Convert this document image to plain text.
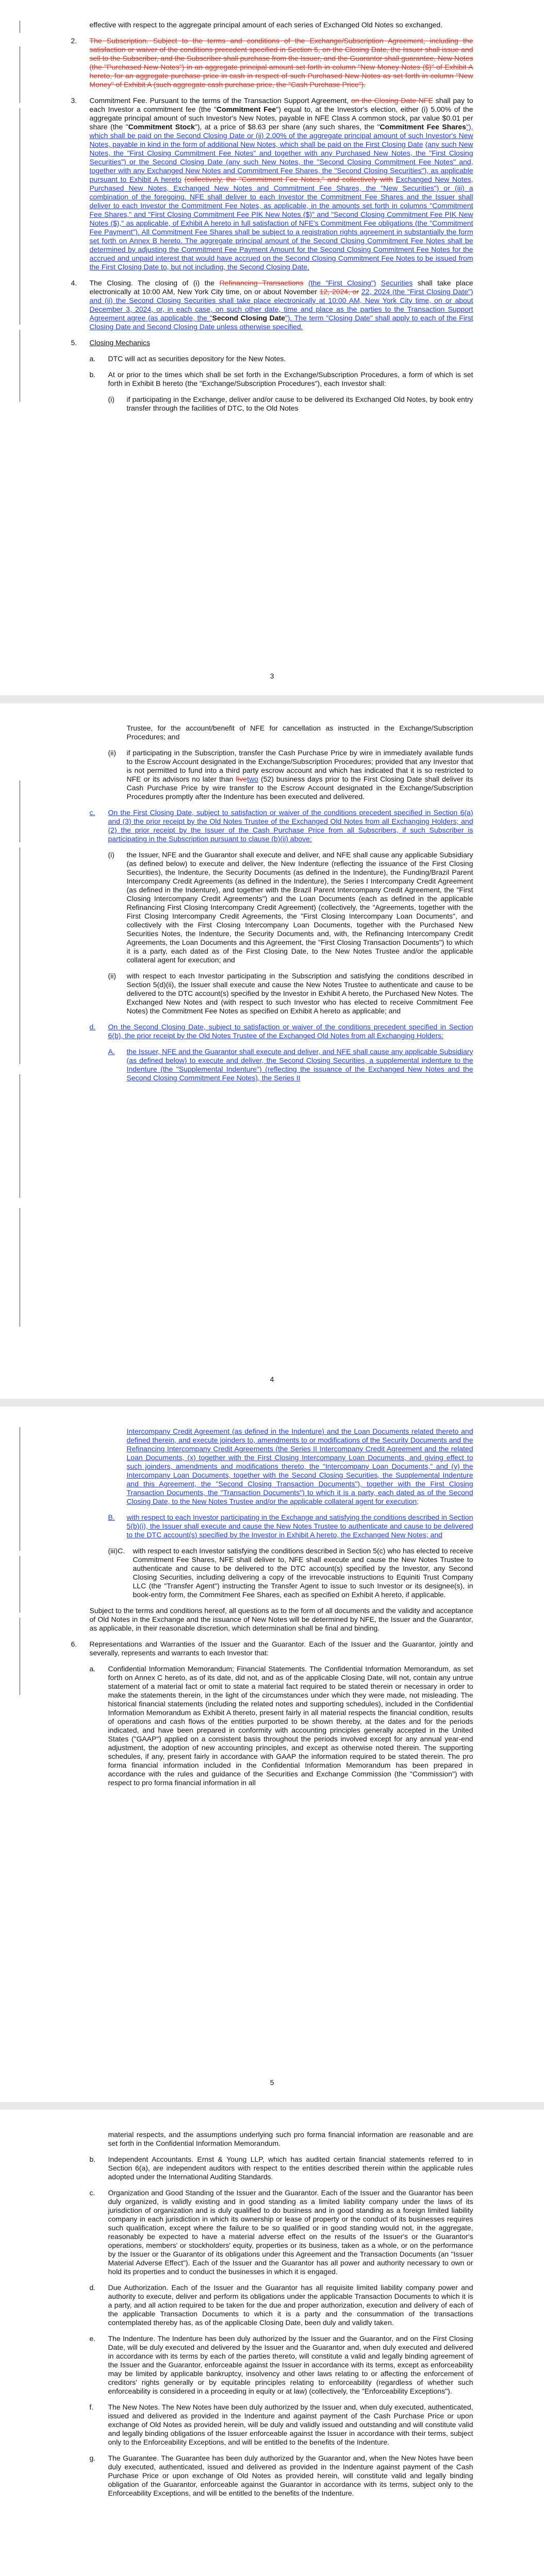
effective with respect to the aggregate principal amount of each series of Exchanged Old Notes so exchanged.

2.	The Subscription. Subject to the terms and conditions of the Exchange/Subscription Agreement, including the satisfaction or waiver of the conditions precedent specified in Section 5, on the Closing Date, the Issuer shall issue and sell to the Subscriber, and the Subscriber shall purchase from the Issuer, and the Guarantor shall guarantee, New Notes (the "Purchased New Notes") in an aggregate principal amount set forth in column "New Money Notes ($)" of Exhibit A hereto, for an aggregate purchase price in cash in respect of such Purchased New Notes as set forth in column "New Money" of Exhibit A (such aggregate cash purchase price, the "Cash Purchase Price").

3.	Commitment Fee. Pursuant to the terms of the Transaction Support Agreement, on the Closing Date NFE shall pay to each Investor a commitment fee (the "Commitment Fee") equal to, at the Investor's election, either (i) 5.00% of the aggregate principal amount of such Investor's New Notes, payable in NFE Class A common stock, par value $0.01 per share (the "Commitment Stock"), at a price of $8.63 per share (any such shares, the "Commitment Fee Shares"), which shall be paid on the Second Closing Date or (ii) 2.00% of the aggregate principal amount of such Investor's New Notes, payable in kind in the form of additional New Notes, which shall be paid on the First Closing Date (any such New Notes, the "First Closing Commitment Fee Notes" and together with any Purchased New Notes, the "First Closing Securities") or the Second Closing Date (any such New Notes, the "Second Closing Commitment Fee Notes" and, together with any Exchanged New Notes and Commitment Fee Shares, the "Second Closing Securities"), as applicable pursuant to Exhibit A hereto (collectively, the "Commitment Fee Notes," and collectively with Exchanged New Notes, Purchased New Notes, Exchanged New Notes and Commitment Fee Shares, the "New Securities") or (iii) a combination of the foregoing. NFE shall deliver to each Investor the Commitment Fee Shares and the Issuer shall deliver to each Investor the Commitment Fee Notes, as applicable, in the amounts set forth in columns "Commitment Fee Shares," and "First Closing Commitment Fee PIK New Notes ($)" and "Second Closing Commitment Fee PIK New Notes ($)," as applicable, of Exhibit A hereto in full satisfaction of NFE's Commitment Fee obligations (the "Commitment Fee Payment"). All Commitment Fee Shares shall be subject to a registration rights agreement in substantially the form set forth on Annex B hereto. The aggregate principal amount of the Second Closing Commitment Fee Notes shall be determined by adjusting the Commitment Fee Payment Amount for the Second Closing Commitment Fee Notes for the accrued and unpaid interest that would have accrued on the Second Closing Commitment Fee Notes to be issued from the First Closing Date to, but not including, the Second Closing Date.

4.	The Closing. The closing of (i) the Refinancing Transactions (the "First Closing") Securities shall take place electronically at 10:00 AM, New York City time, on or about November 12, 2024, or 22, 2024 (the "First Closing Date") and (ii) the Second Closing Securities shall take place electronically at 10:00 AM, New York City time, on or about December 3, 2024, or, in each case, on such other date, time and place as the parties to the Transaction Support Agreement agree (as applicable, the "Second Closing Date"). The term "Closing Date" shall apply to each of the First Closing Date and Second Closing Date unless otherwise specified.

5.	Closing Mechanics

a.	DTC will act as securities depository for the New Notes.

b.	At or prior to the times which shall be set forth in the Exchange/Subscription Procedures, a form of which is set forth in Exhibit B hereto (the "Exchange/Subscription Procedures"), each Investor shall:

(i)	if participating in the Exchange, deliver and/or cause to be delivered its Exchanged Old Notes, by book entry transfer through the facilities of DTC, to the Old Notes

3

Trustee, for the account/benefit of NFE for cancellation as instructed in the Exchange/Subscription Procedures; and

(ii)	if participating in the Subscription, transfer the Cash Purchase Price by wire in immediately available funds to the Escrow Account designated in the Exchange/Subscription Procedures; provided that any Investor that is not permitted to fund into a third party escrow account and which has indicated that it is so restricted to NFE or its advisors no later than fivetwo (52) business days prior to the First Closing Date shall deliver its Cash Purchase Price by wire transfer to the Escrow Account designated in the Exchange/Subscription Procedures promptly after the Indenture has been executed and delivered.

c.	On the First Closing Date, subject to satisfaction or waiver of the conditions precedent specified in Section 6(a) and (3) the prior receipt by the Old Notes Trustee of the Exchanged Old Notes from all Exchanging Holders; and (2) the prior receipt by the Issuer of the Cash Purchase Price from all Subscribers, if such Subscriber is participating in the Subscription pursuant to clause (b)(ii) above:

(i)	the Issuer, NFE and the Guarantor shall execute and deliver, and NFE shall cause any applicable Subsidiary (as defined below) to execute and deliver, the New Indenture (reflecting the issuance of the First Closing Securities), the Indenture, the Security Documents (as defined in the Indenture), the Funding/Brazil Parent Intercompany Credit Agreements (as defined in the Indenture), the Series I Intercompany Credit Agreement (as defined in the Indenture), and together with the Brazil Parent Intercompany Credit Agreement, the "First Closing Intercompany Credit Agreements") and the Loan Documents (each as defined in the applicable Refinancing First Closing Intercompany Credit Agreement) (collectively, the "Agreements, together with the First Closing Intercompany Credit Agreements, the "First Closing Intercompany Loan Documents", and collectively with the First Closing Intercompany Loan Documents, together with the Purchased New Securities Notes, the Indenture, the Security Documents and, with, the Refinancing Intercompany Credit Agreements, the Loan Documents and this Agreement, the "First Closing Transaction Documents") to which it is a party, each dated as of the First Closing Date, to the New Notes Trustee and/or the applicable collateral agent for execution; and

(ii)	with respect to each Investor participating in the Subscription and satisfying the conditions described in Section 5(d)(ii), the Issuer shall execute and cause the New Notes Trustee to authenticate and cause to be delivered to the DTC account(s) specified by the Investor in Exhibit A hereto, the Purchased New Notes. The Exchanged New Notes and (with respect to such Investor who has elected to receive Commitment Fee Notes) the Commitment Fee Notes as specified on Exhibit A hereto as applicable; and

d.	On the Second Closing Date, subject to satisfaction or waiver of the conditions precedent specified in Section 6(b), the prior receipt by the Old Notes Trustee of the Exchanged Old Notes from all Exchanging Holders:

A.	the Issuer, NFE and the Guarantor shall execute and deliver, and NFE shall cause any applicable Subsidiary (as defined below) to execute and deliver, the Second Closing Securities, a supplemental indenture to the Indenture (the "Supplemental Indenture") (reflecting the issuance of the Exchanged New Notes and the Second Closing Commitment Fee Notes), the Series II

4

Intercompany Credit Agreement (as defined in the Indenture) and the Loan Documents related thereto and defined therein, and execute joinders to, amendments to or modifications of the Security Documents and the Refinancing Intercompany Credit Agreements (the Series II Intercompany Credit Agreement and the related Loan Documents, (x) together with the First Closing Intercompany Loan Documents, and giving effect to such joinders, amendments and modifications thereto, the "Intercompany Loan Documents," and (y) the Intercompany Loan Documents, together with the Second Closing Securities, the Supplemental Indenture and this Agreement, the "Second Closing Transaction Documents"), together with the First Closing Transaction Documents, the "Transaction Documents") to which it is a party, each dated as of the Second Closing Date, to the New Notes Trustee and/or the applicable collateral agent for execution;

B.	with respect to each Investor participating in the Exchange and satisfying the conditions described in Section 5(b)(i), the Issuer shall execute and cause the New Notes Trustee to authenticate and cause to be delivered to the DTC account(s) specified by the Investor in Exhibit A hereto, the Exchanged New Notes; and

(iii)C.	with respect to each Investor satisfying the conditions described in Section 5(c) who has elected to receive Commitment Fee Shares, NFE shall deliver to, NFE shall execute and cause the New Notes Trustee to authenticate and cause to be delivered to the DTC account(s) specified by the Investor, any Second Closing Securities, including delivering a copy of the irrevocable instructions to Equiniti Trust Company LLC (the "Transfer Agent") instructing the Transfer Agent to issue to such Investor or its designee(s), in book-entry form, the Commitment Fee Shares, each as specified on Exhibit A hereto, if applicable.

Subject to the terms and conditions hereof, all questions as to the form of all documents and the validity and acceptance of Old Notes in the Exchange and the issuance of New Notes will be determined by NFE, the Issuer and the Guarantor, as applicable, in their reasonable discretion, which determination shall be final and binding.

6.	Representations and Warranties of the Issuer and the Guarantor. Each of the Issuer and the Guarantor, jointly and severally, represents and warrants to each Investor that:

a.	Confidential Information Memorandum; Financial Statements. The Confidential Information Memorandum, as set forth on Annex C hereto, as of its date, did not, and as of the applicable Closing Date, will not, contain any untrue statement of a material fact or omit to state a material fact required to be stated therein or necessary in order to make the statements therein, in the light of the circumstances under which they were made, not misleading. The historical financial statements (including the related notes and supporting schedules), included in the Confidential Information Memorandum as Exhibit A thereto, present fairly in all material respects the financial condition, results of operations and cash flows of the entities purported to be shown thereby, at the dates and for the periods indicated, and have been prepared in conformity with accounting principles generally accepted in the United States ("GAAP") applied on a consistent basis throughout the periods involved except for any annual year-end adjustment, the adoption of new accounting principles, and except as otherwise noted therein. The supporting schedules, if any, present fairly in accordance with GAAP the information required to be stated therein. The pro forma financial information included in the Confidential Information Memorandum has been prepared in accordance with the rules and guidance of the Securities and Exchange Commission (the "Commission") with respect to pro forma financial information in all

5

material respects, and the assumptions underlying such pro forma financial information are reasonable and are set forth in the Confidential Information Memorandum.

b.	Independent Accountants. Ernst & Young LLP, which has audited certain financial statements referred to in Section 6(a), are independent auditors with respect to the entities described therein within the applicable rules adopted under the International Auditing Standards.

c.	Organization and Good Standing of the Issuer and the Guarantor. Each of the Issuer and the Guarantor has been duly organized, is validly existing and in good standing as a limited liability company under the laws of its jurisdiction of organization and is duly qualified to do business and in good standing as a foreign limited liability company in each jurisdiction in which its ownership or lease of property or the conduct of its businesses requires such qualification, except where the failure to be so qualified or in good standing would not, in the aggregate, reasonably be expected to have a material adverse effect on the results of the Issuer's or the Guarantor's operations, members' or stockholders' equity, properties or its business, taken as a whole, or on the performance by the Issuer or the Guarantor of its obligations under this Agreement and the Transaction Documents (an "Issuer Material Adverse Effect"). Each of the Issuer and the Guarantor has all power and authority necessary to own or hold its properties and to conduct the businesses in which it is engaged.

d.	Due Authorization. Each of the Issuer and the Guarantor has all requisite limited liability company power and authority to execute, deliver and perform its obligations under the applicable Transaction Documents to which it is a party, and all action required to be taken for the due and proper authorization, execution and delivery of each of the applicable Transaction Documents to which it is a party and the consummation of the transactions contemplated thereby has, as of the applicable Closing Date, been duly and validly taken.

e.	The Indenture. The Indenture has been duly authorized by the Issuer and the Guarantor, and on the First Closing Date, will be duly executed and delivered by the Issuer and the Guarantor and, when duly executed and delivered in accordance with its terms by each of the parties thereto, will constitute a valid and legally binding agreement of the Issuer and the Guarantor, enforceable against the Issuer in accordance with its terms, except as enforceability may be limited by applicable bankruptcy, insolvency and other laws relating to or affecting the enforcement of creditors' rights generally or by equitable principles relating to enforceability (regardless of whether such enforceability is considered in a proceeding in equity or at law) (collectively, the "Enforceability Exceptions").

f.	The New Notes. The New Notes have been duly authorized by the Issuer and, when duly executed, authenticated, issued and delivered as provided in the Indenture and against payment of the Cash Purchase Price or upon exchange of Old Notes as provided herein, will be duly and validly issued and outstanding and will constitute valid and legally binding obligations of the Issuer enforceable against the Issuer in accordance with their terms, subject only to the Enforceability Exceptions, and will be entitled to the benefits of the Indenture.

g.	The Guarantee. The Guarantee has been duly authorized by the Guarantor and, when the New Notes have been duly executed, authenticated, issued and delivered as provided in the Indenture against payment of the Cash Purchase Price or upon exchange of Old Notes as provided herein, will constitute valid and legally binding obligation of the Guarantor, enforceable against the Guarantor in accordance with its terms, subject only to the Enforceability Exceptions, and will be entitled to the benefits of the Indenture.
